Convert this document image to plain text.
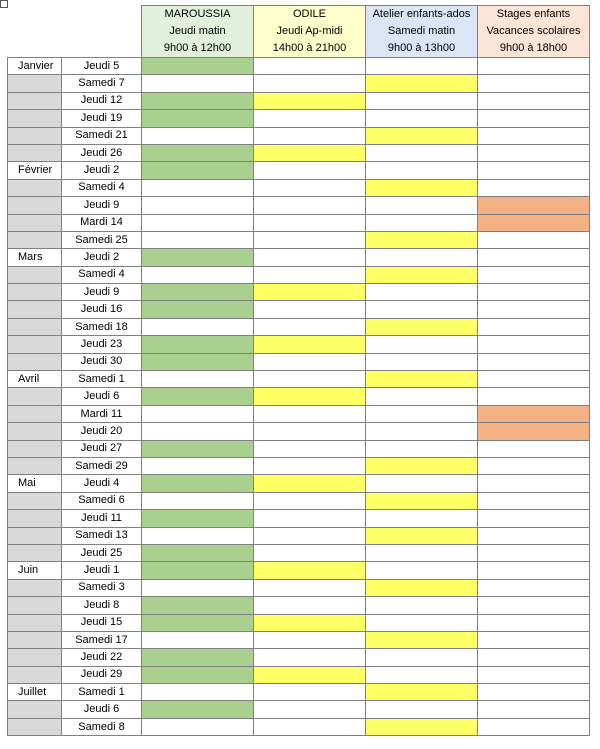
		MAROUSSIA
Jeudi matin
9h00 à 12h00	ODILE
Jeudi Ap-midi
14h00 à 21h00	Atelier enfants-ados
Samedi matin
9h00 à 13h00	Stages enfants
Vacances scolaires
9h00 à 18h00

Janvier	Jeudi 5				
	Samedi 7				
	Jeudi 12				
	Jeudi 19				
	Samedi 21				
	Jeudi 26				
Février	Jeudi 2				
	Samedi 4				
	Jeudi 9				
	Mardi 14				
	Samedi 25				
Mars	Jeudi 2				
	Samedi 4				
	Jeudi 9				
	Jeudi 16				
	Samedi 18				
	Jeudi 23				
	Jeudi 30				
Avril	Samedi 1				
	Jeudi 6				
	Mardi 11				
	Jeudi 20				
	Jeudi 27				
	Samedi 29				
Mai	Jeudi 4				
	Samedi 6				
	Jeudi 11				
	Samedi 13				
	Jeudi 25				
Juin	Jeudi 1				
	Samedi 3				
	Jeudi 8				
	Jeudi 15				
	Samedi 17				
	Jeudi 22				
	Jeudi 29				
Juillet	Samedi 1				
	Jeudi 6				
	Samedi 8				
